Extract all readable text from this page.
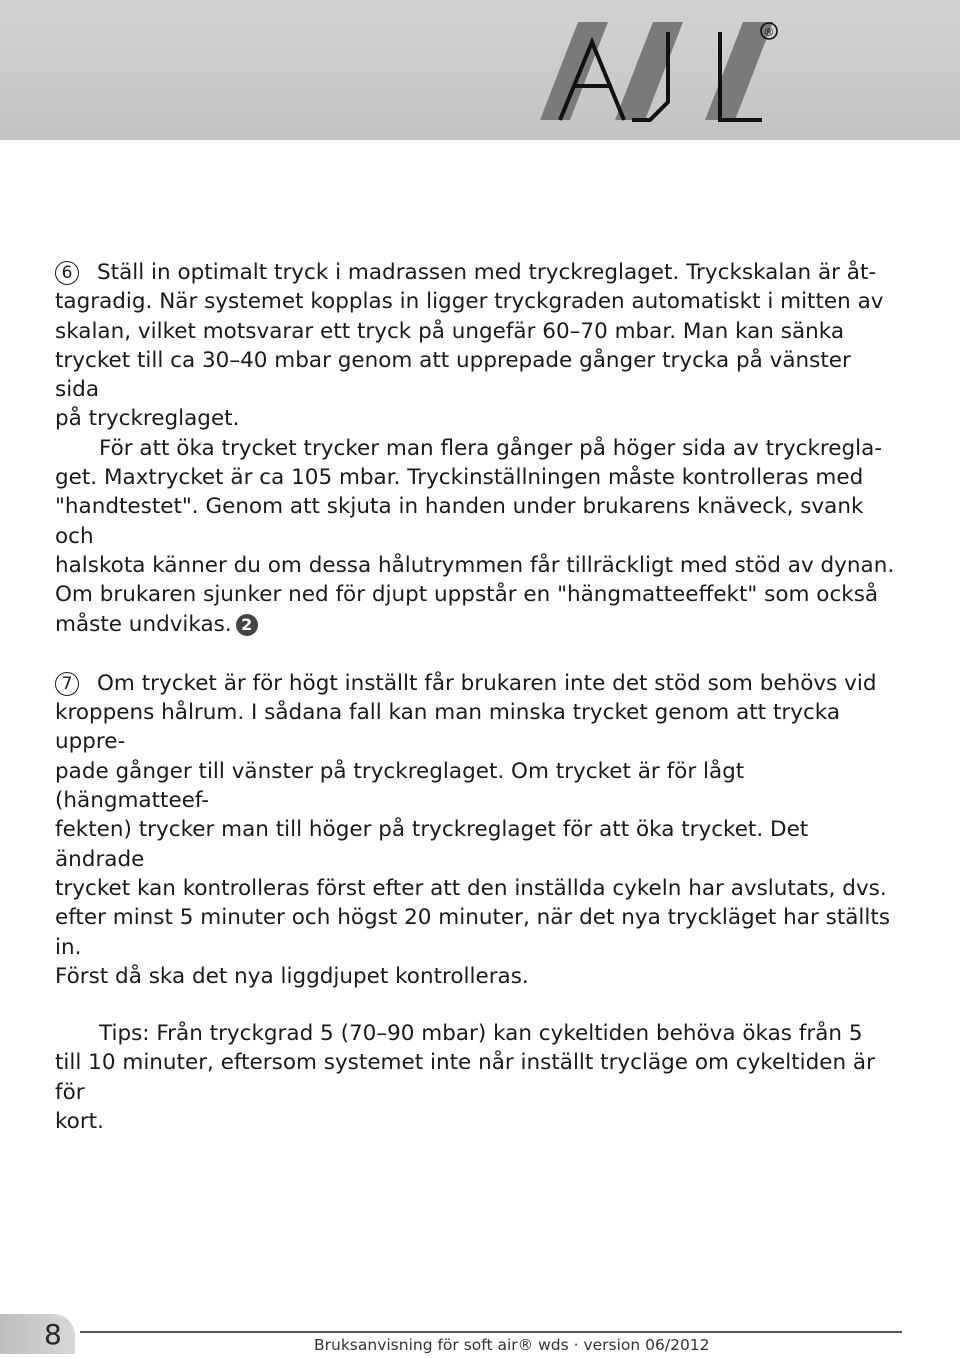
®

6 Ställ in optimalt tryck i madrassen med tryckreglaget. Tryckskalan är åt-

tagradig. När systemet kopplas in ligger tryckgraden automatiskt i mitten av

skalan, vilket motsvarar ett tryck på ungefär 60–70 mbar. Man kan sänka

trycket till ca 30–40 mbar genom att upprepade gånger trycka på vänster sida

på tryckreglaget.

För att öka trycket trycker man flera gånger på höger sida av tryckregla-

get. Maxtrycket är ca 105 mbar. Tryckinställningen måste kontrolleras med

"handtestet". Genom att skjuta in handen under brukarens knäveck, svank och

halskota känner du om dessa hålutrymmen får tillräckligt med stöd av dynan.

Om brukaren sjunker ned för djupt uppstår en "hängmatteeffekt" som också

måste undvikas. 2

7 Om trycket är för högt inställt får brukaren inte det stöd som behövs vid

kroppens hålrum. I sådana fall kan man minska trycket genom att trycka uppre-

pade gånger till vänster på tryckreglaget. Om trycket är för lågt (hängmatteef-

fekten) trycker man till höger på tryckreglaget för att öka trycket. Det ändrade

trycket kan kontrolleras först efter att den inställda cykeln har avslutats, dvs.

efter minst 5 minuter och högst 20 minuter, när det nya tryckläget har ställts in.

Först då ska det nya liggdjupet kontrolleras.

Tips: Från tryckgrad 5 (70–90 mbar) kan cykeltiden behöva ökas från 5

till 10 minuter, eftersom systemet inte når inställt trycläge om cykeltiden är för

kort.

8	Bruksanvisning för soft air® wds · version 06/2012
